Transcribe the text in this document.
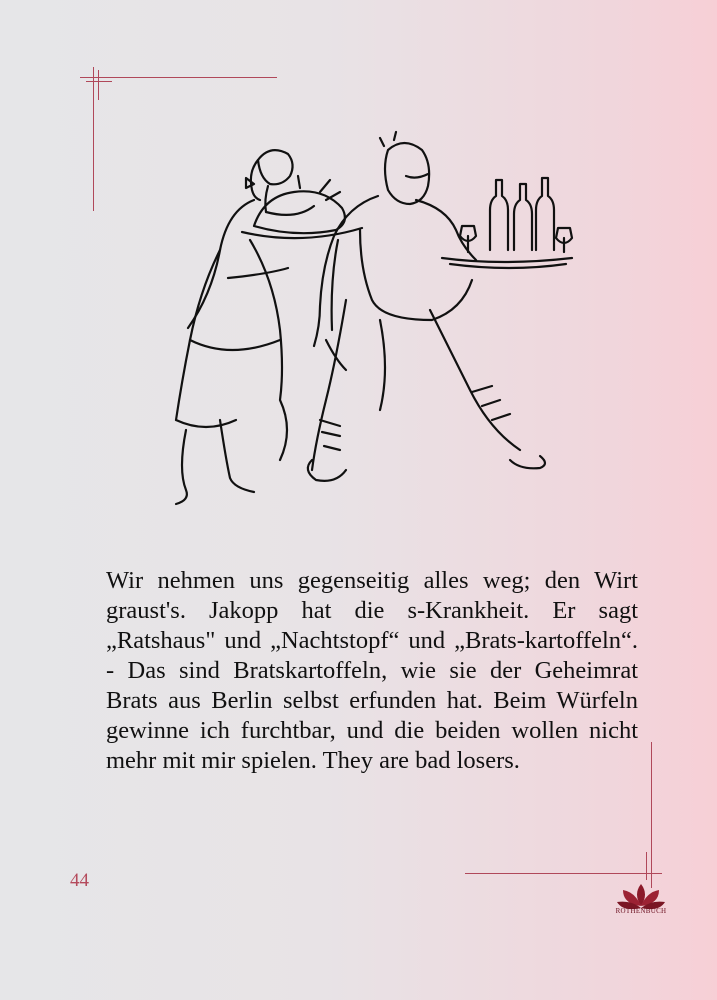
Wir nehmen uns gegenseitig alles weg; den Wirt graust's. Jakopp hat die s-Krankheit. Er sagt „Ratshaus" und „Nachtstopf“ und „Brats-kartoffeln“. - Das sind Bratskartoffeln, wie sie der Geheimrat Brats aus Berlin selbst erfunden hat. Beim Würfeln gewinne ich furchtbar, und die beiden wollen nicht mehr mit mir spielen. They are bad losers.

44
ROTHENBUCH
